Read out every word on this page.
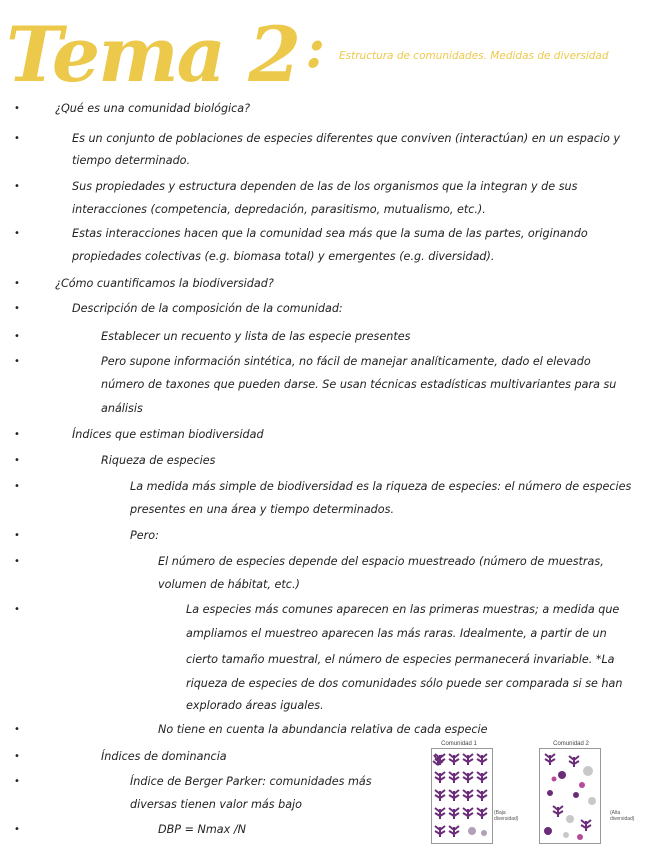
Tema 2 : Estructura de comunidades. Medidas de diversidad
•
•
•
•
•
•
•
•
•
•
•
•
•
•
•
•
•
•
¿Qué es una comunidad biológica?
Es un conjunto de poblaciones de especies diferentes que conviven (interactúan) en un espacio y
tiempo determinado.
Sus propiedades y estructura dependen de las de los organismos que la integran y de sus
interacciones (competencia, depredación, parasitismo, mutualismo, etc.).
Estas interacciones hacen que la comunidad sea más que la suma de las partes, originando
propiedades colectivas (e.g. biomasa total) y emergentes (e.g. diversidad).
¿Cómo cuantificamos la biodiversidad?
Descripción de la composición de la comunidad:
Establecer un recuento y lista de las especie presentes
Pero supone información sintética, no fácil de manejar analíticamente, dado el elevado
número de taxones que pueden darse. Se usan técnicas estadísticas multivariantes para su
análisis
Índices que estiman biodiversidad
Riqueza de especies
La medida más simple de biodiversidad es la riqueza de especies: el número de especies
presentes en una área y tiempo determinados.
Pero:
El número de especies depende del espacio muestreado (número de muestras,
volumen de hábitat, etc.)
La especies más comunes aparecen en las primeras muestras; a medida que
ampliamos el muestreo aparecen las más raras. Idealmente, a partir de un
cierto tamaño muestral, el número de especies permanecerá invariable. *La
riqueza de especies de dos comunidades sólo puede ser comparada si se han
explorado áreas iguales.
No tiene en cuenta la abundancia relativa de cada especie
Índices de dominancia
Índice de Berger Parker: comunidades más
diversas tienen valor más bajo
DBP = Nmax /N
Comunidad 1
(Baja diversidad)
Comunidad 2
(Alta diversidad)
